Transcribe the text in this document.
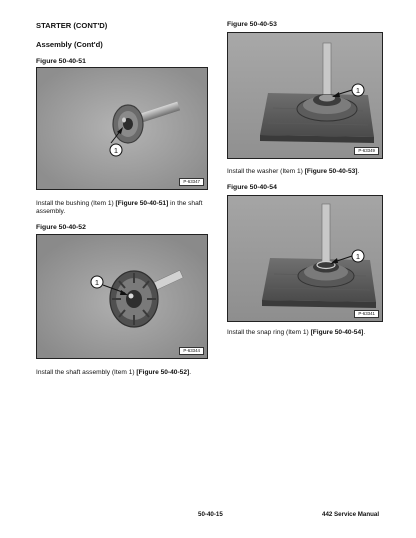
STARTER (CONT'D)
Assembly (Cont'd)
Figure 50-40-51
1
P-63347
Install the bushing (Item 1) [Figure 50-40-51] in the shaft assembly.
Figure 50-40-52
1
P-63344
Install the shaft assembly (Item 1) [Figure 50-40-52].
Figure 50-40-53
1
P-63349
Install the washer (Item 1) [Figure 50-40-53].
Figure 50-40-54
1
P-63341
Install the snap ring (Item 1) [Figure 50-40-54].
50-40-15	442 Service Manual
